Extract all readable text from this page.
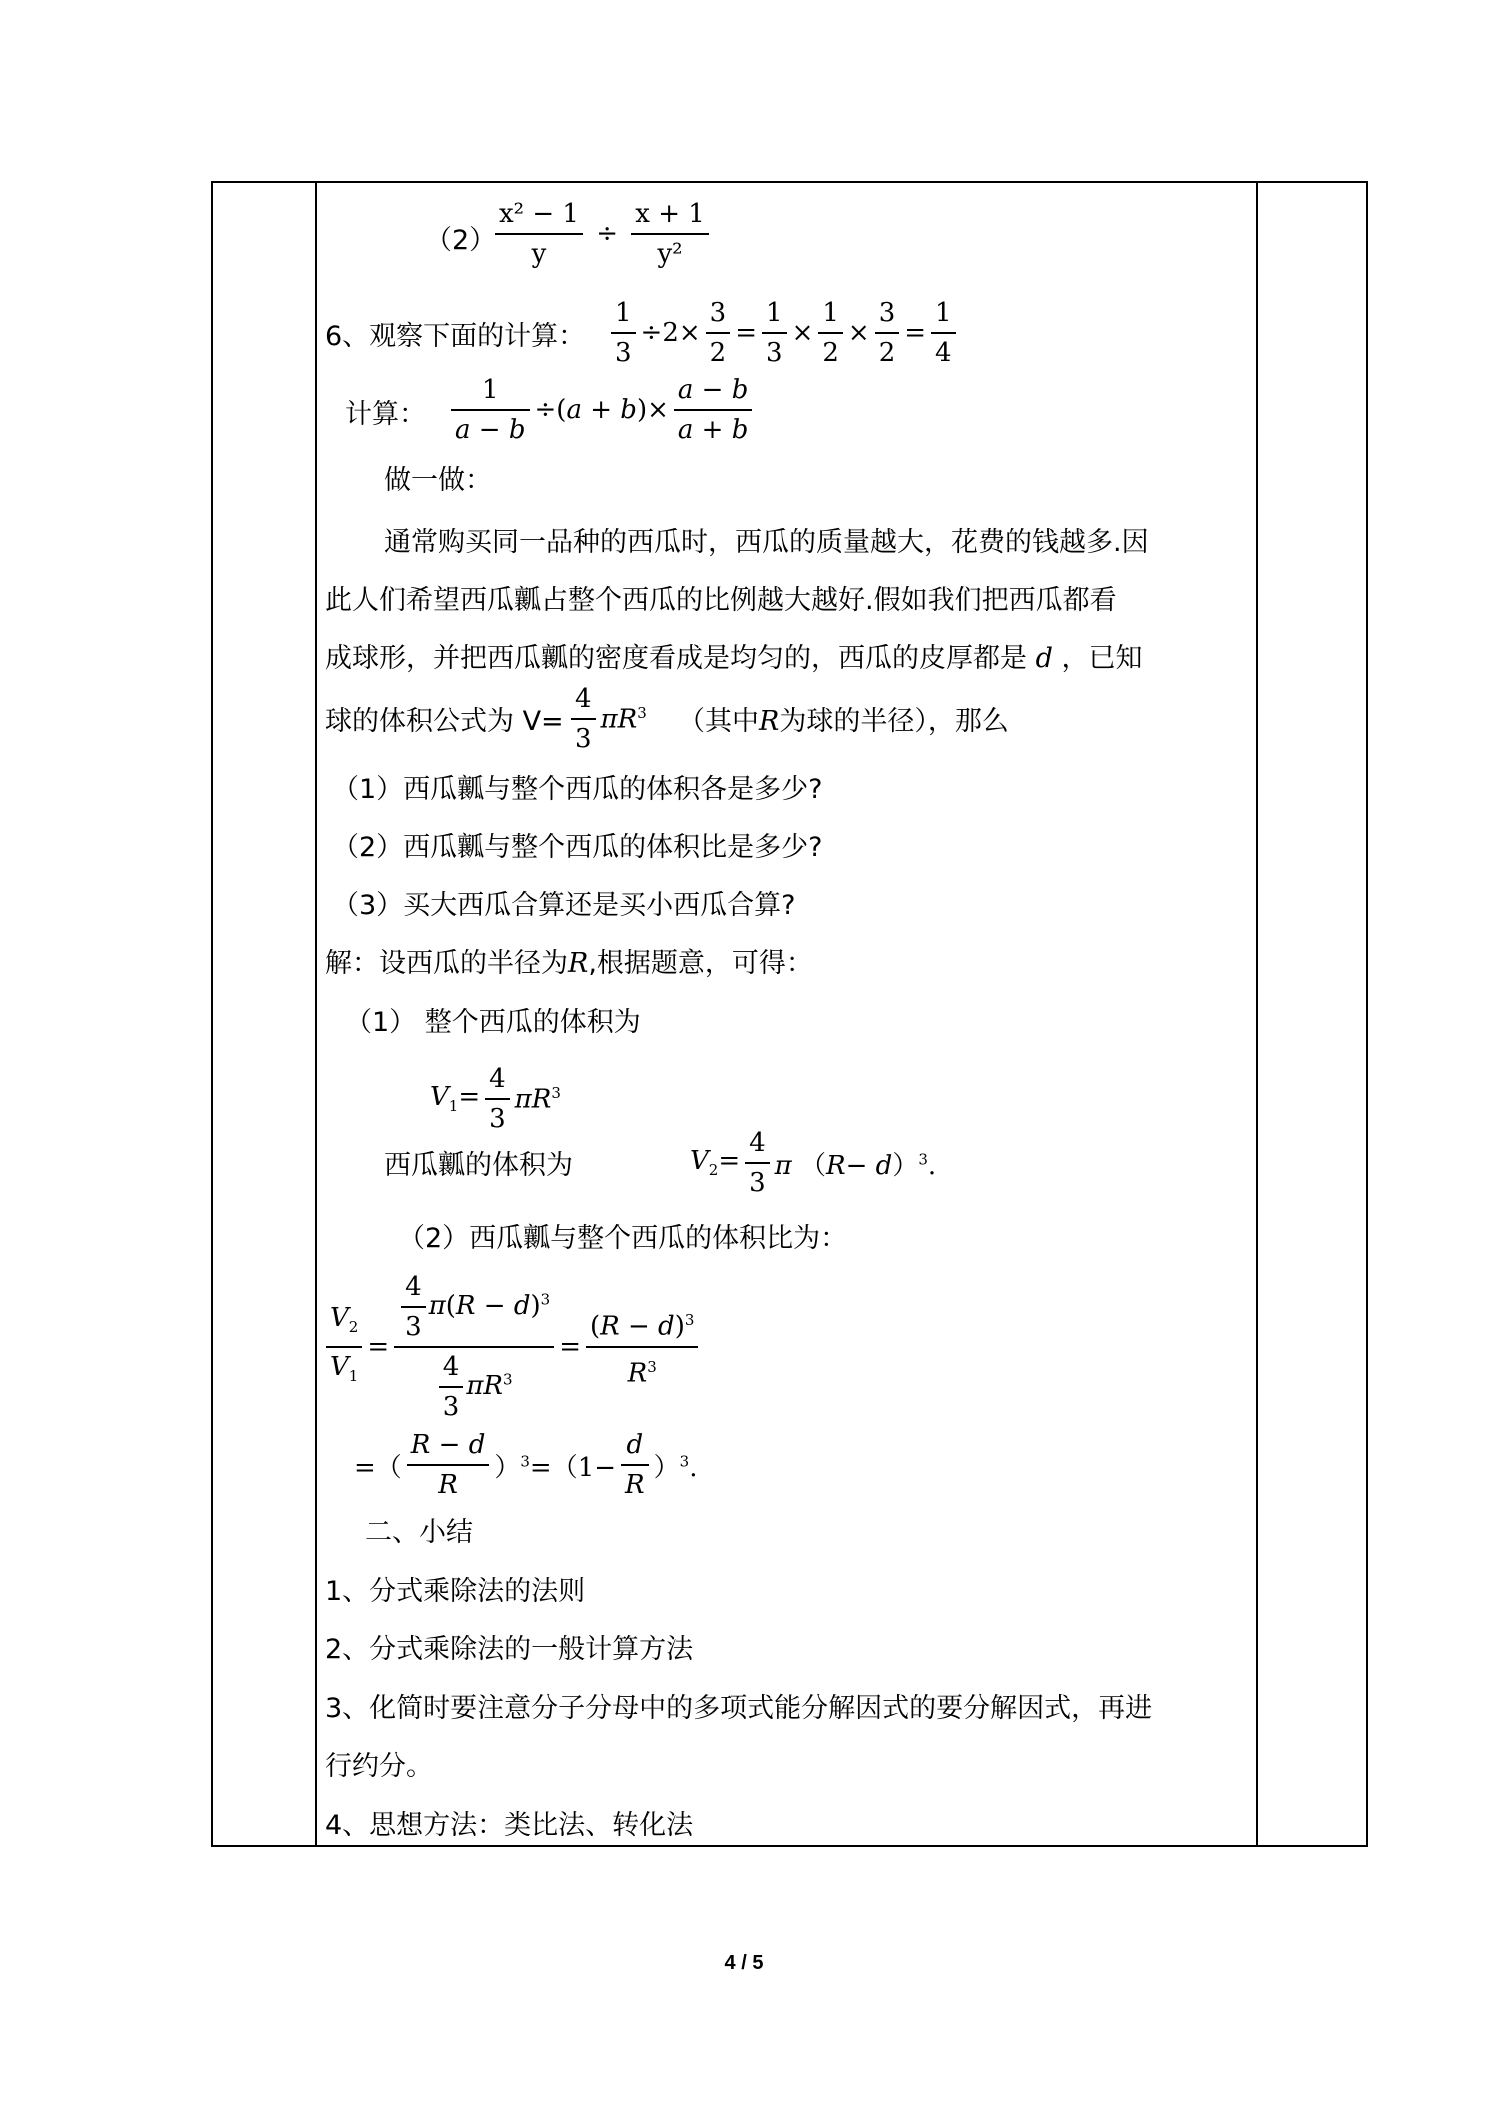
（2）
$\frac{\text{x² − 1}}{y} \div \frac{x + 1}{\text{y²}}$
6、观察下面的计算： $\frac{1}{3} \div 2\times \frac{3}{2} = \frac{1}{3} \times \frac{1}{2} \times \frac{3}{2} = \frac{1}{4}$
计算： $\frac{1}{a - b} \div(a + b)\times \frac{a - b}{a + b}$
做一做：
通常购买同一品种的西瓜时，西瓜的质量越大，花费的钱越多.因
此人们希望西瓜瓤占整个西瓜的比例越大越好.假如我们把西瓜都看
成球形，并把西瓜瓤的密度看成是均匀的，西瓜的皮厚都是 d ，已知
球的体积公式为 $V= \frac{4}{3} \pi R^3$ （其中R为球的半径），那么
（1）西瓜瓤与整个西瓜的体积各是多少?
（2）西瓜瓤与整个西瓜的体积比是多少?
（3）买大西瓜合算还是买小西瓜合算?
解：设西瓜的半径为R,根据题意，可得：
（1） 整个西瓜的体积为
$V_1= \frac{4}{3} \pi R^3$
西瓜瓤的体积为	$V_2= \frac{4}{3}$ π $(R- d)^3$.
（2）西瓜瓤与整个西瓜的体积比为：
$\frac{V_2}{V_1} = \frac{\frac{4}{3} \pi(R - d)^3}{\frac{4}{3} \pi R^3} = \frac{(R - d)^3}{R^3}$
=（ $\frac{R - d}{R} )^3=(1- \frac{d}{R} )^3$.
二、小结
1、分式乘除法的法则
2、分式乘除法的一般计算方法
3、化简时要注意分子分母中的多项式能分解因式的要分解因式，再进
行约分。
4、思想方法：类比法、转化法
4 / 5
